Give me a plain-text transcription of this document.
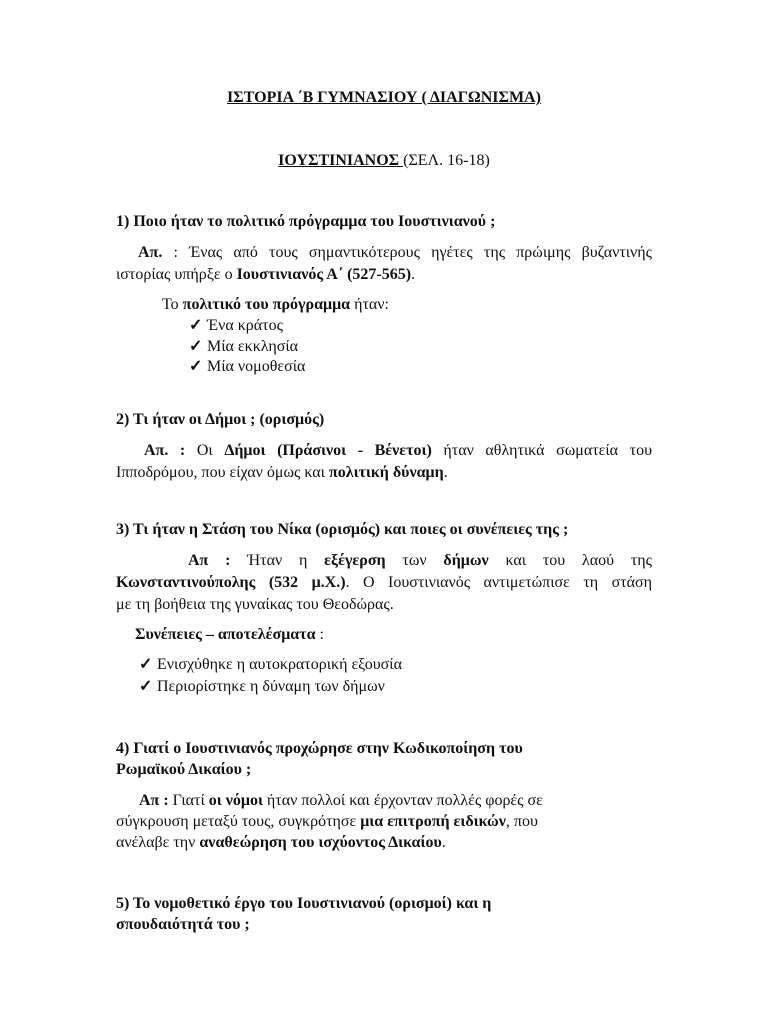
ΙΣΤΟΡΙΑ ΄Β ΓΥΜΝΑΣΙΟΥ ( ΔΙΑΓΩΝΙΣΜΑ)
ΙΟΥΣΤΙΝΙΑΝΟΣ (ΣΕΛ. 16-18)
1) Ποιο ήταν το πολιτικό πρόγραμμα του Ιουστινιανού ;
Απ. : Ένας από τους σημαντικότερους ηγέτες της πρώιμης βυζαντινής
ιστορίας υπήρξε ο Ιουστινιανός Α΄ (527-565).
Το πολιτικό του πρόγραμμα ήταν:
✓ Ένα κράτος
✓ Μία εκκλησία
✓ Μία νομοθεσία
2) Τι ήταν οι Δήμοι ; (ορισμός)
Απ. : Οι Δήμοι (Πράσινοι - Βένετοι) ήταν αθλητικά σωματεία του
Ιπποδρόμου, που είχαν όμως και πολιτική δύναμη.
3) Τι ήταν η Στάση του Νίκα (ορισμός) και ποιες οι συνέπειες της ;
Απ : Ήταν η εξέγερση των δήμων και του λαού της
Κωνσταντινούπολης (532 μ.Χ.). Ο Ιουστινιανός αντιμετώπισε τη στάση
με τη βοήθεια της γυναίκας του Θεοδώρας.
Συνέπειες – αποτελέσματα :
✓ Ενισχύθηκε η αυτοκρατορική εξουσία
✓ Περιορίστηκε η δύναμη των δήμων
4) Γιατί ο Ιουστινιανός προχώρησε στην Κωδικοποίηση του
Ρωμαϊκού Δικαίου ;
Απ : Γιατί οι νόμοι ήταν πολλοί και έρχονταν πολλές φορές σε
σύγκρουση μεταξύ τους, συγκρότησε μια επιτροπή ειδικών, που
ανέλαβε την αναθεώρηση του ισχύοντος Δικαίου.
5) Το νομοθετικό έργο του Ιουστινιανού (ορισμοί) και η
σπουδαιότητά του ;
